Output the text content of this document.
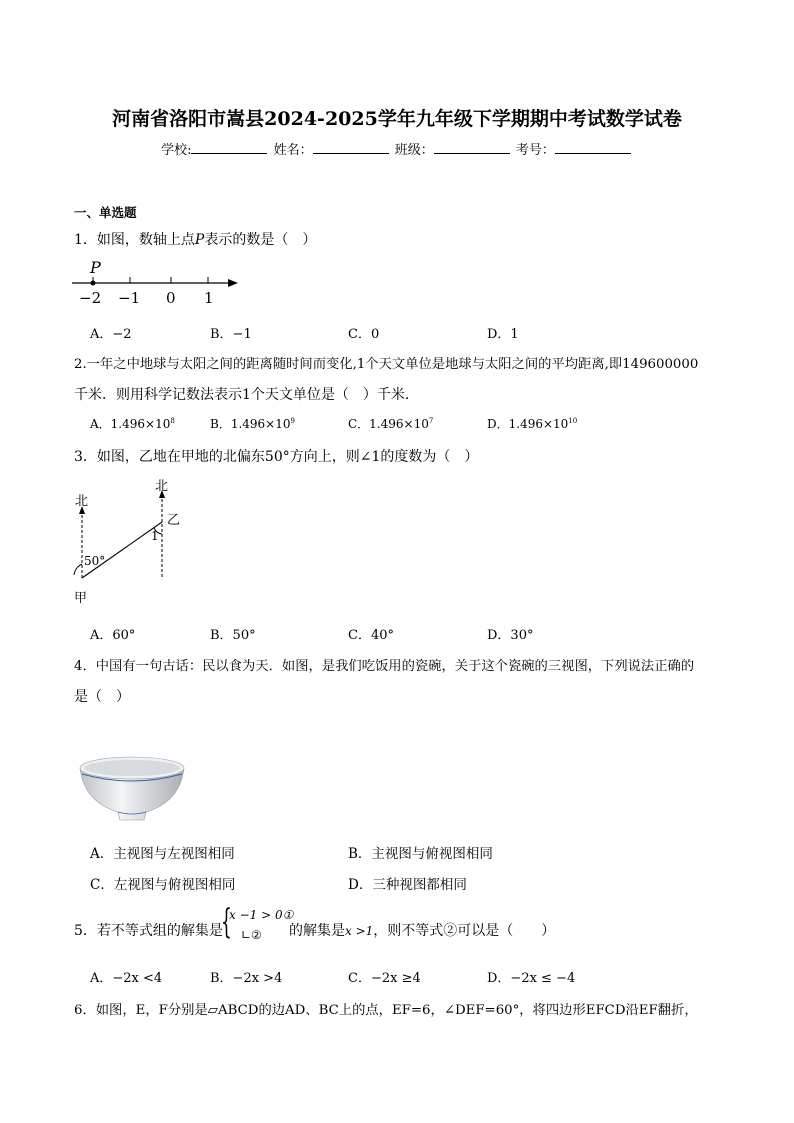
河南省洛阳市嵩县2024-2025学年九年级下学期期中考试数学试卷
学校:	姓名：	班级：	考号：
一、单选题
1．如图，数轴上点P表示的数是（　）
P
−2 −1 0 1
A．−2	B．−1	C．0	D．1
2.一年之中地球与太阳之间的距离随时间而变化,1个天文单位是地球与太阳之间的平均距离,即149600000
千米．则用科学记数法表示1个天文单位是（　）千米．
A．$1.496\times 10^8$	B．$1.496\times 10^9$	C．$1.496\times 10^7$	D．$1.496\times 10^{10}$
3．如图，乙地在甲地的北偏东50°方向上，则∠1的度数为（　）
北
北
乙
甲
50°
1
A．60°	B．50°	C．40°	D．30°
4．中国有一句古话：民以食为天．如图，是我们吃饭用的瓷碗，关于这个瓷碗的三视图，下列说法正确的
是（　）
A．主视图与左视图相同	B．主视图与俯视图相同
C．左视图与俯视图相同	D．三种视图都相同
5．若不等式组的解集是
{
x −1 > 0①
∟② 的解集是x >1，则不等式②可以是（　　）
A．−2x <4	B．−2x >4	C．−2x ≥4	D．−2x ≤ −4
6．如图，E，F分别是▱ABCD的边AD、BC上的点，EF=6，∠DEF=60°，将四边形EFCD沿EF翻折，
